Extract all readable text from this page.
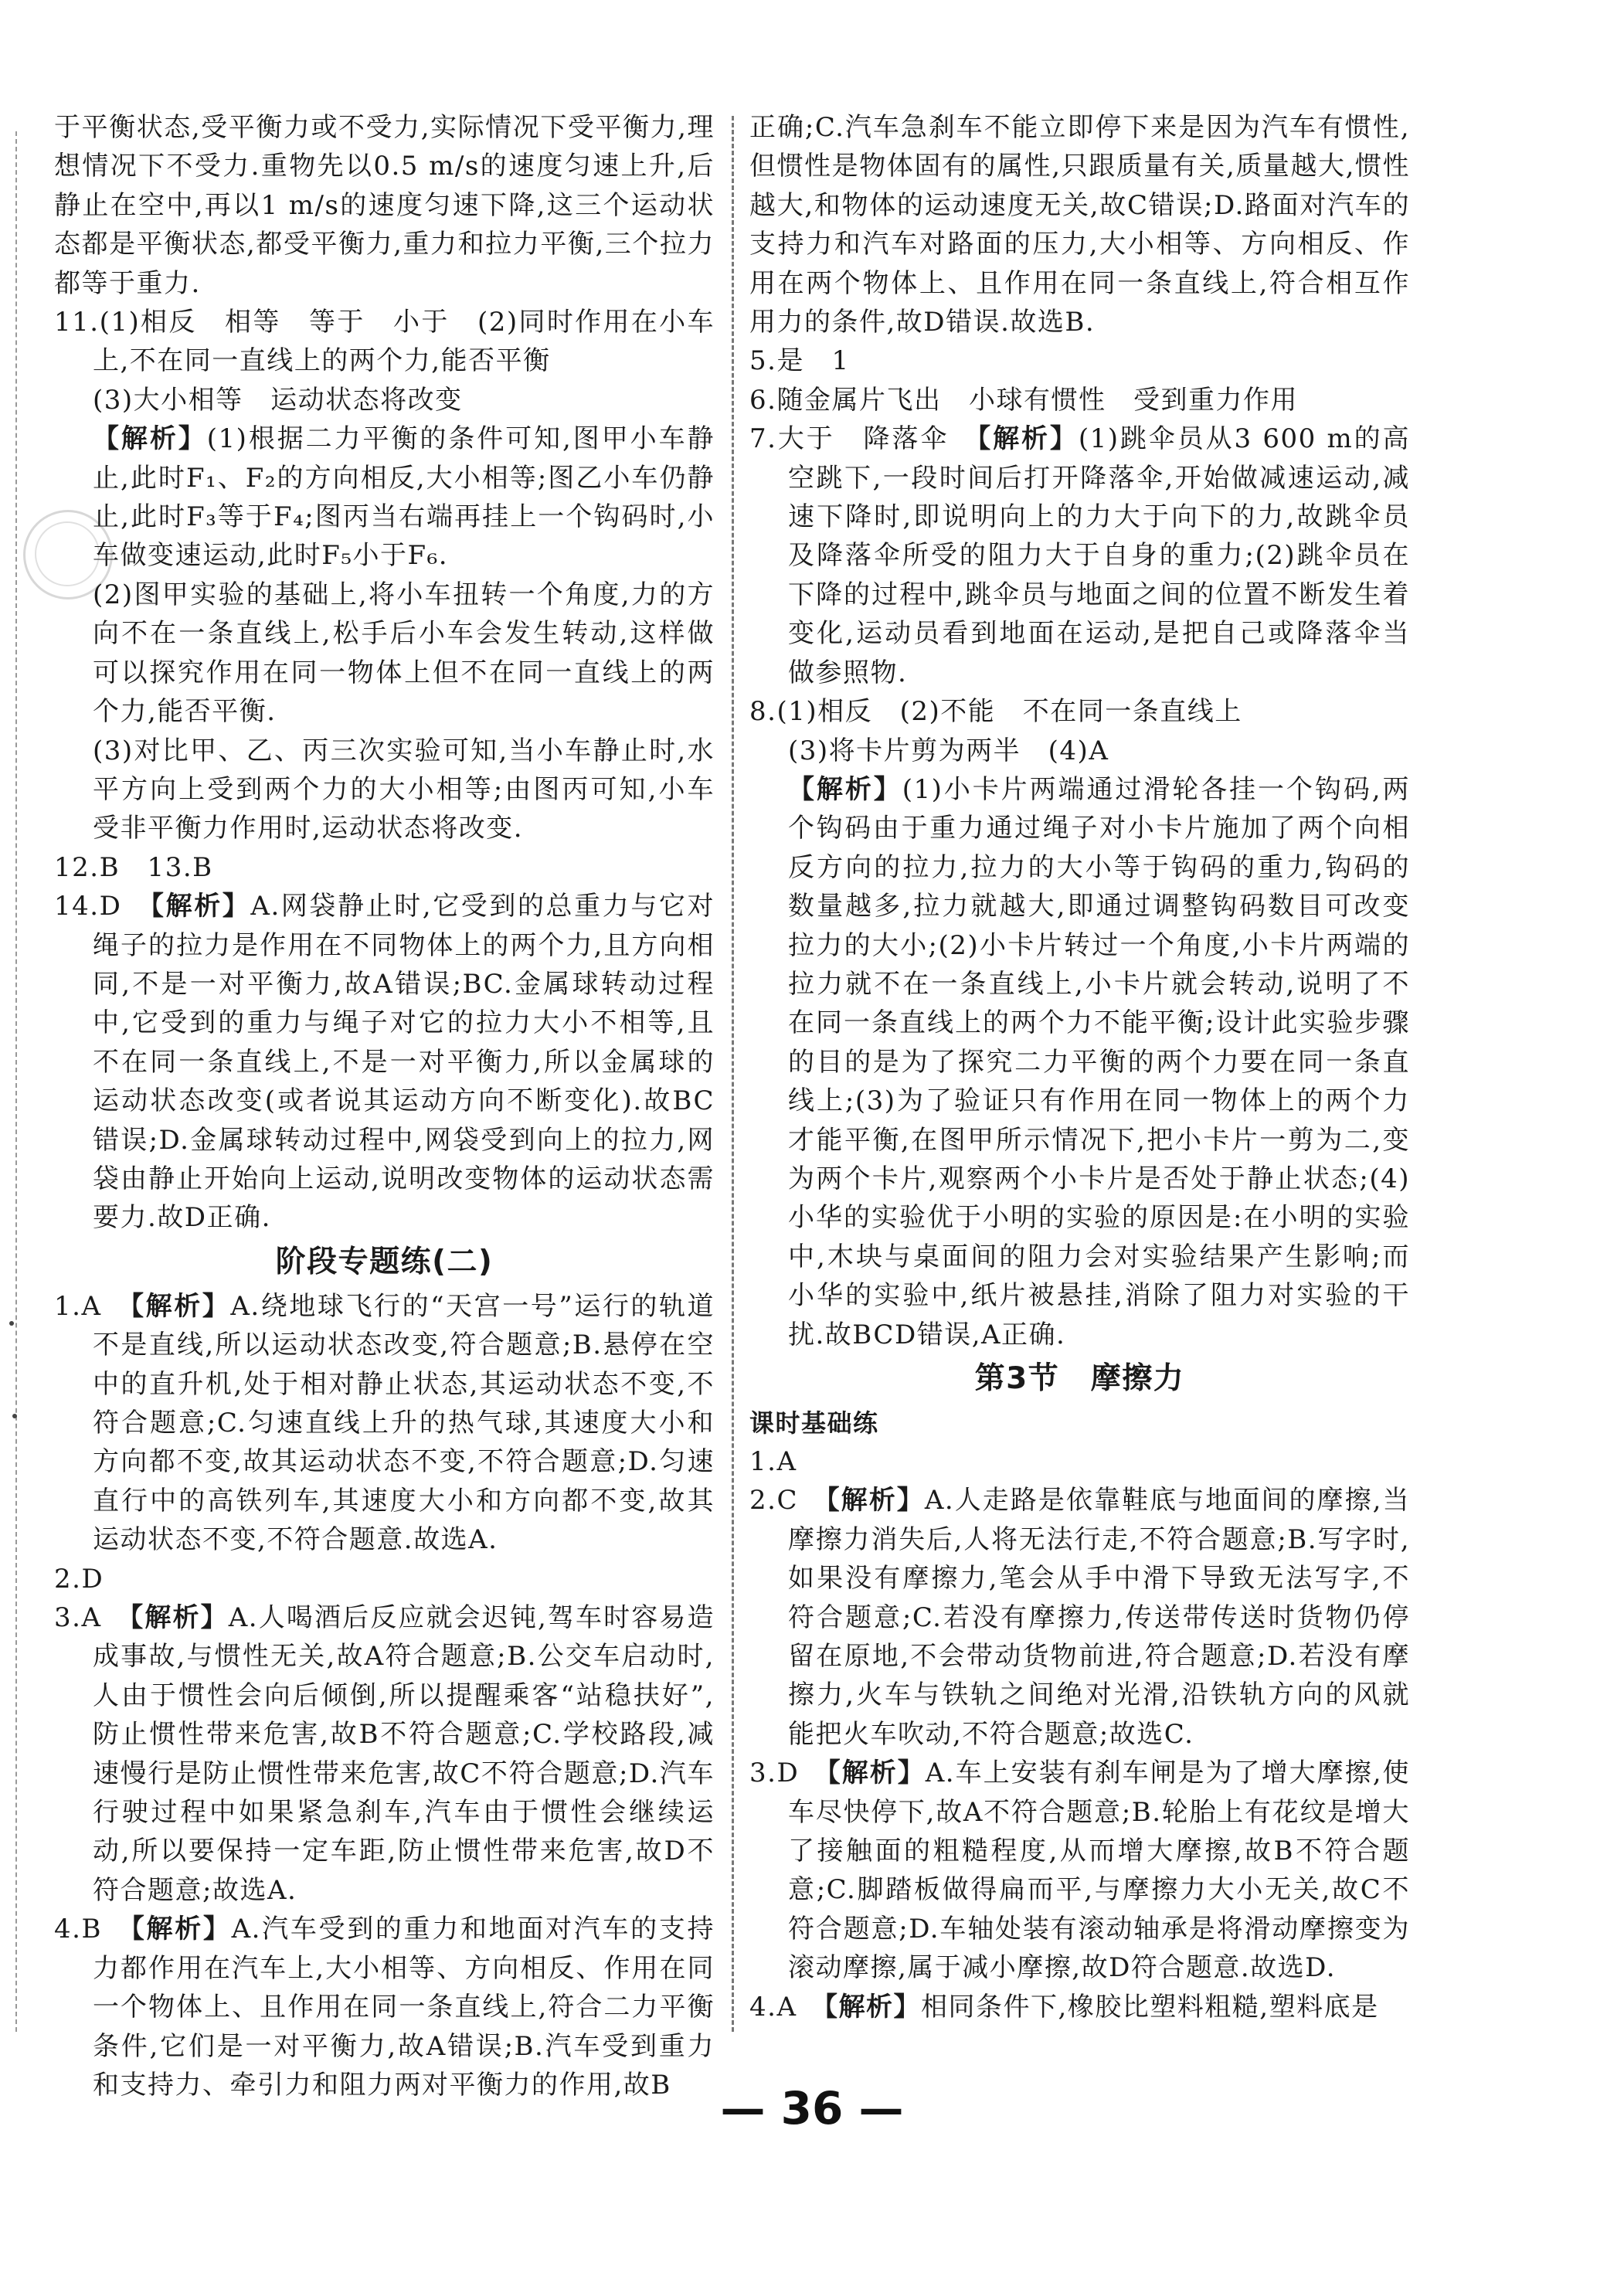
于平衡状态,受平衡力或不受力,实际情况下受平衡力,理想情况下不受力.重物先以0.5 m/s的速度匀速上升,后静止在空中,再以1 m/s的速度匀速下降,这三个运动状态都是平衡状态,都受平衡力,重力和拉力平衡,三个拉力都等于重力.

11.(1)相反　相等　等于　小于　(2)同时作用在小车上,不在同一直线上的两个力,能否平衡

(3)大小相等　运动状态将改变

【解析】(1)根据二力平衡的条件可知,图甲小车静止,此时F₁、F₂的方向相反,大小相等;图乙小车仍静止,此时F₃等于F₄;图丙当右端再挂上一个钩码时,小车做变速运动,此时F₅小于F₆.

(2)图甲实验的基础上,将小车扭转一个角度,力的方向不在一条直线上,松手后小车会发生转动,这样做可以探究作用在同一物体上但不在同一直线上的两个力,能否平衡.

(3)对比甲、乙、丙三次实验可知,当小车静止时,水平方向上受到两个力的大小相等;由图丙可知,小车受非平衡力作用时,运动状态将改变.

12.B　13.B

14.D　【解析】A.网袋静止时,它受到的总重力与它对绳子的拉力是作用在不同物体上的两个力,且方向相同,不是一对平衡力,故A错误;BC.金属球转动过程中,它受到的重力与绳子对它的拉力大小不相等,且不在同一条直线上,不是一对平衡力,所以金属球的运动状态改变(或者说其运动方向不断变化).故BC错误;D.金属球转动过程中,网袋受到向上的拉力,网袋由静止开始向上运动,说明改变物体的运动状态需要力.故D正确.

阶段专题练(二)

1.A　【解析】A.绕地球飞行的“天宫一号”运行的轨道不是直线,所以运动状态改变,符合题意;B.悬停在空中的直升机,处于相对静止状态,其运动状态不变,不符合题意;C.匀速直线上升的热气球,其速度大小和方向都不变,故其运动状态不变,不符合题意;D.匀速直行中的高铁列车,其速度大小和方向都不变,故其运动状态不变,不符合题意.故选A.

2.D

3.A　【解析】A.人喝酒后反应就会迟钝,驾车时容易造成事故,与惯性无关,故A符合题意;B.公交车启动时,人由于惯性会向后倾倒,所以提醒乘客“站稳扶好”,防止惯性带来危害,故B不符合题意;C.学校路段,减速慢行是防止惯性带来危害,故C不符合题意;D.汽车行驶过程中如果紧急刹车,汽车由于惯性会继续运动,所以要保持一定车距,防止惯性带来危害,故D不符合题意;故选A.

4.B　【解析】A.汽车受到的重力和地面对汽车的支持力都作用在汽车上,大小相等、方向相反、作用在同一个物体上、且作用在同一条直线上,符合二力平衡条件,它们是一对平衡力,故A错误;B.汽车受到重力和支持力、牵引力和阻力两对平衡力的作用,故B

正确;C.汽车急刹车不能立即停下来是因为汽车有惯性,但惯性是物体固有的属性,只跟质量有关,质量越大,惯性越大,和物体的运动速度无关,故C错误;D.路面对汽车的支持力和汽车对路面的压力,大小相等、方向相反、作用在两个物体上、且作用在同一条直线上,符合相互作用力的条件,故D错误.故选B.

5.是　1

6.随金属片飞出　小球有惯性　受到重力作用

7.大于　降落伞　【解析】(1)跳伞员从3 600 m的高空跳下,一段时间后打开降落伞,开始做减速运动,减速下降时,即说明向上的力大于向下的力,故跳伞员及降落伞所受的阻力大于自身的重力;(2)跳伞员在下降的过程中,跳伞员与地面之间的位置不断发生着变化,运动员看到地面在运动,是把自己或降落伞当做参照物.

8.(1)相反　(2)不能　不在同一条直线上

(3)将卡片剪为两半　(4)A

【解析】(1)小卡片两端通过滑轮各挂一个钩码,两个钩码由于重力通过绳子对小卡片施加了两个向相反方向的拉力,拉力的大小等于钩码的重力,钩码的数量越多,拉力就越大,即通过调整钩码数目可改变拉力的大小;(2)小卡片转过一个角度,小卡片两端的拉力就不在一条直线上,小卡片就会转动,说明了不在同一条直线上的两个力不能平衡;设计此实验步骤的目的是为了探究二力平衡的两个力要在同一条直线上;(3)为了验证只有作用在同一物体上的两个力才能平衡,在图甲所示情况下,把小卡片一剪为二,变为两个卡片,观察两个小卡片是否处于静止状态;(4)小华的实验优于小明的实验的原因是:在小明的实验中,木块与桌面间的阻力会对实验结果产生影响;而小华的实验中,纸片被悬挂,消除了阻力对实验的干扰.故BCD错误,A正确.

第3节　摩擦力
课时基础练

1.A

2.C　【解析】A.人走路是依靠鞋底与地面间的摩擦,当摩擦力消失后,人将无法行走,不符合题意;B.写字时,如果没有摩擦力,笔会从手中滑下导致无法写字,不符合题意;C.若没有摩擦力,传送带传送时货物仍停留在原地,不会带动货物前进,符合题意;D.若没有摩擦力,火车与铁轨之间绝对光滑,沿铁轨方向的风就能把火车吹动,不符合题意;故选C.

3.D　【解析】A.车上安装有刹车闸是为了增大摩擦,使车尽快停下,故A不符合题意;B.轮胎上有花纹是增大了接触面的粗糙程度,从而增大摩擦,故B不符合题意;C.脚踏板做得扁而平,与摩擦力大小无关,故C不符合题意;D.车轴处装有滚动轴承是将滑动摩擦变为滚动摩擦,属于减小摩擦,故D符合题意.故选D.

4.A　【解析】相同条件下,橡胶比塑料粗糙,塑料底是

— 36 —
